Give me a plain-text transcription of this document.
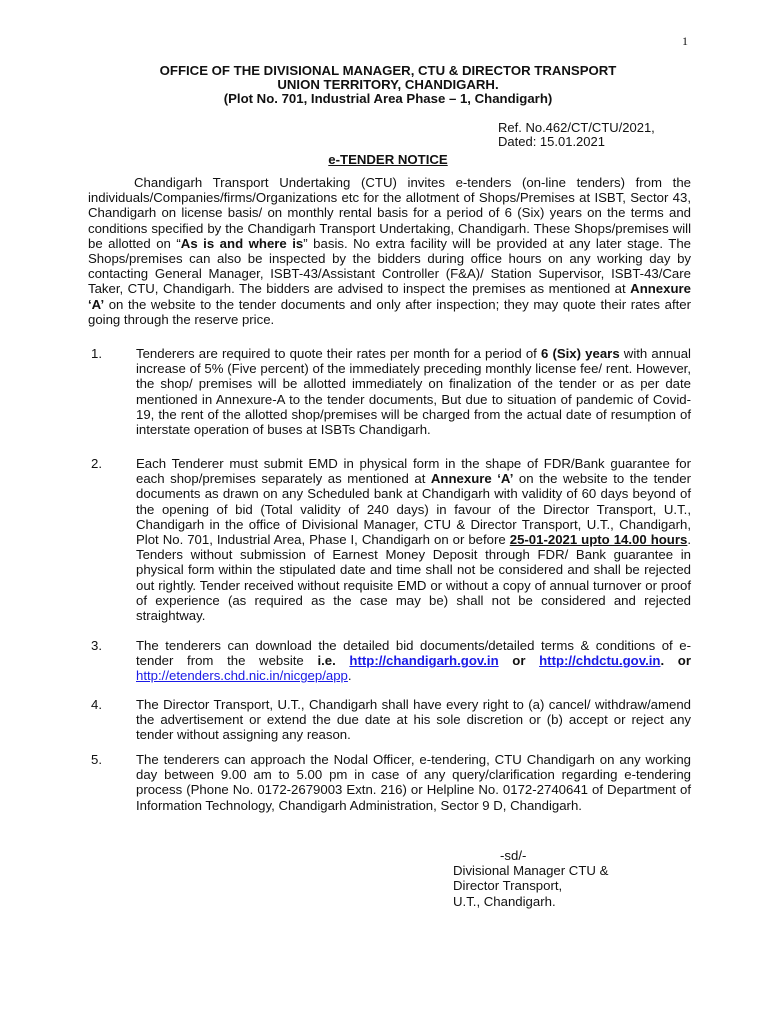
1
OFFICE OF THE DIVISIONAL MANAGER, CTU & DIRECTOR TRANSPORT
UNION TERRITORY, CHANDIGARH.
(Plot No. 701, Industrial Area Phase – 1, Chandigarh)
Ref. No.462/CT/CTU/2021,
Dated: 15.01.2021
e-TENDER NOTICE
Chandigarh Transport Undertaking (CTU) invites e-tenders (on-line tenders) from the individuals/Companies/firms/Organizations etc for the allotment of Shops/Premises at ISBT, Sector 43, Chandigarh on license basis/ on monthly rental basis for a period of 6 (Six) years on the terms and conditions specified by the Chandigarh Transport Undertaking, Chandigarh. These Shops/premises will be allotted on “As is and where is” basis. No extra facility will be provided at any later stage. The Shops/premises can also be inspected by the bidders during office hours on any working day by contacting General Manager, ISBT-43/Assistant Controller (F&A)/ Station Supervisor, ISBT-43/Care Taker, CTU, Chandigarh. The bidders are advised to inspect the premises as mentioned at Annexure ‘A’ on the website to the tender documents and only after inspection; they may quote their rates after going through the reserve price.
1.	Tenderers are required to quote their rates per month for a period of 6 (Six) years with annual increase of 5% (Five percent) of the immediately preceding monthly license fee/ rent. However, the shop/ premises will be allotted immediately on finalization of the tender or as per date mentioned in Annexure-A to the tender documents, But due to situation of pandemic of Covid-19, the rent of the allotted shop/premises will be charged from the actual date of resumption of interstate operation of buses at ISBTs Chandigarh.
2.	Each Tenderer must submit EMD in physical form in the shape of FDR/Bank guarantee for each shop/premises separately as mentioned at Annexure ‘A’ on the website to the tender documents as drawn on any Scheduled bank at Chandigarh with validity of 60 days beyond of the opening of bid (Total validity of 240 days) in favour of the Director Transport, U.T., Chandigarh in the office of Divisional Manager, CTU & Director Transport, U.T., Chandigarh, Plot No. 701, Industrial Area, Phase I, Chandigarh on or before 25-01-2021 upto 14.00 hours. Tenders without submission of Earnest Money Deposit through FDR/ Bank guarantee in physical form within the stipulated date and time shall not be considered and shall be rejected out rightly. Tender received without requisite EMD or without a copy of annual turnover or proof of experience (as required as the case may be) shall not be considered and rejected straightway.
3.	The tenderers can download the detailed bid documents/detailed terms & conditions of e-tender from the website i.e. http://chandigarh.gov.in or http://chdctu.gov.in. or http://etenders.chd.nic.in/nicgep/app.
4.	The Director Transport, U.T., Chandigarh shall have every right to (a) cancel/ withdraw/amend the advertisement or extend the due date at his sole discretion or (b) accept or reject any tender without assigning any reason.
5.	The tenderers can approach the Nodal Officer, e-tendering, CTU Chandigarh on any working day between 9.00 am to 5.00 pm in case of any query/clarification regarding e-tendering process (Phone No. 0172-2679003 Extn. 216) or Helpline No. 0172-2740641 of Department of Information Technology, Chandigarh Administration, Sector 9 D, Chandigarh.
-sd/-
Divisional Manager CTU &
Director Transport,
U.T., Chandigarh.
